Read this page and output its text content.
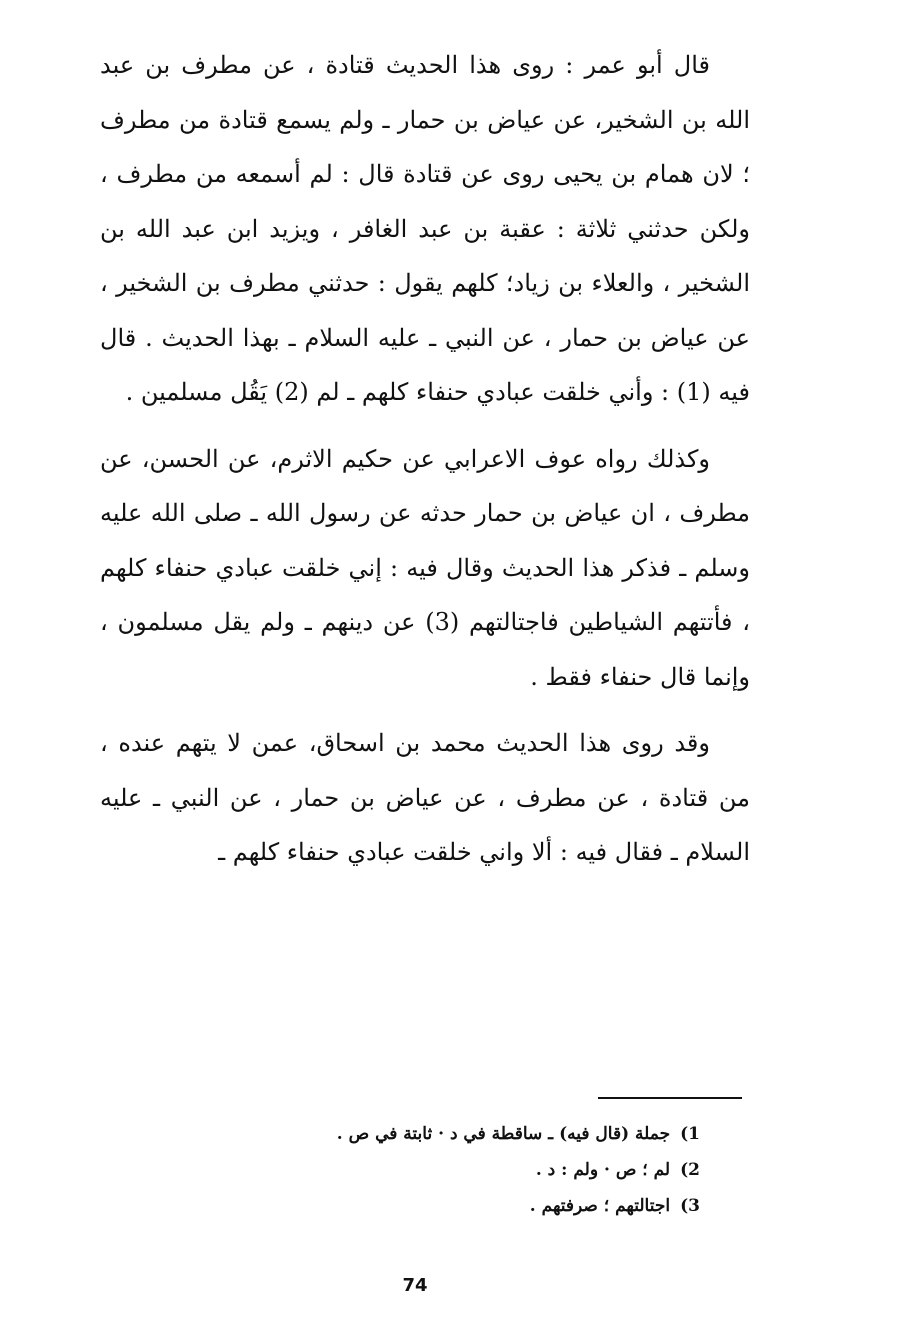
قال أبو عمر : روى هذا الحديث قتادة ، عن مطرف بن عبد الله بن الشخير، عن عياض بن حمار ـ ولم يسمع قتادة من مطرف ؛ لان همام بن يحيى روى عن قتادة قال : لم أسمعه من مطرف ، ولكن حدثني ثلاثة : عقبة بن عبد الغافر ، ويزيد ابن عبد الله بن الشخير ، والعلاء بن زياد؛ كلهم يقول : حدثني مطرف بن الشخير ، عن عياض بن حمار ، عن النبي ـ عليه السلام ـ بهذا الحديث . قال فيه (1) : وأني خلقت عبادي حنفاء كلهم ـ لم (2) يَقُل مسلمين .

وكذلك رواه عوف الاعرابي عن حكيم الاثرم، عن الحسن، عن مطرف ، ان عياض بن حمار حدثه عن رسول الله ـ صلى الله عليه وسلم ـ فذكر هذا الحديث وقال فيه : إني خلقت عبادي حنفاء كلهم ، فأتتهم الشياطين فاجتالتهم (3) عن دينهم ـ ولم يقل مسلمون ، وإنما قال حنفاء فقط .

وقد روى هذا الحديث محمد بن اسحاق، عمن لا يتهم عنده ، من قتادة ، عن مطرف ، عن عياض بن حمار ، عن النبي ـ عليه السلام ـ فقال فيه : ألا واني خلقت عبادي حنفاء كلهم ـ

1)جملة (قال فيه) ـ ساقطة في د · ثابتة في ص .
2)لم ؛ ص · ولم : د .
3)اجتالتهم ؛ صرفتهم .
74
